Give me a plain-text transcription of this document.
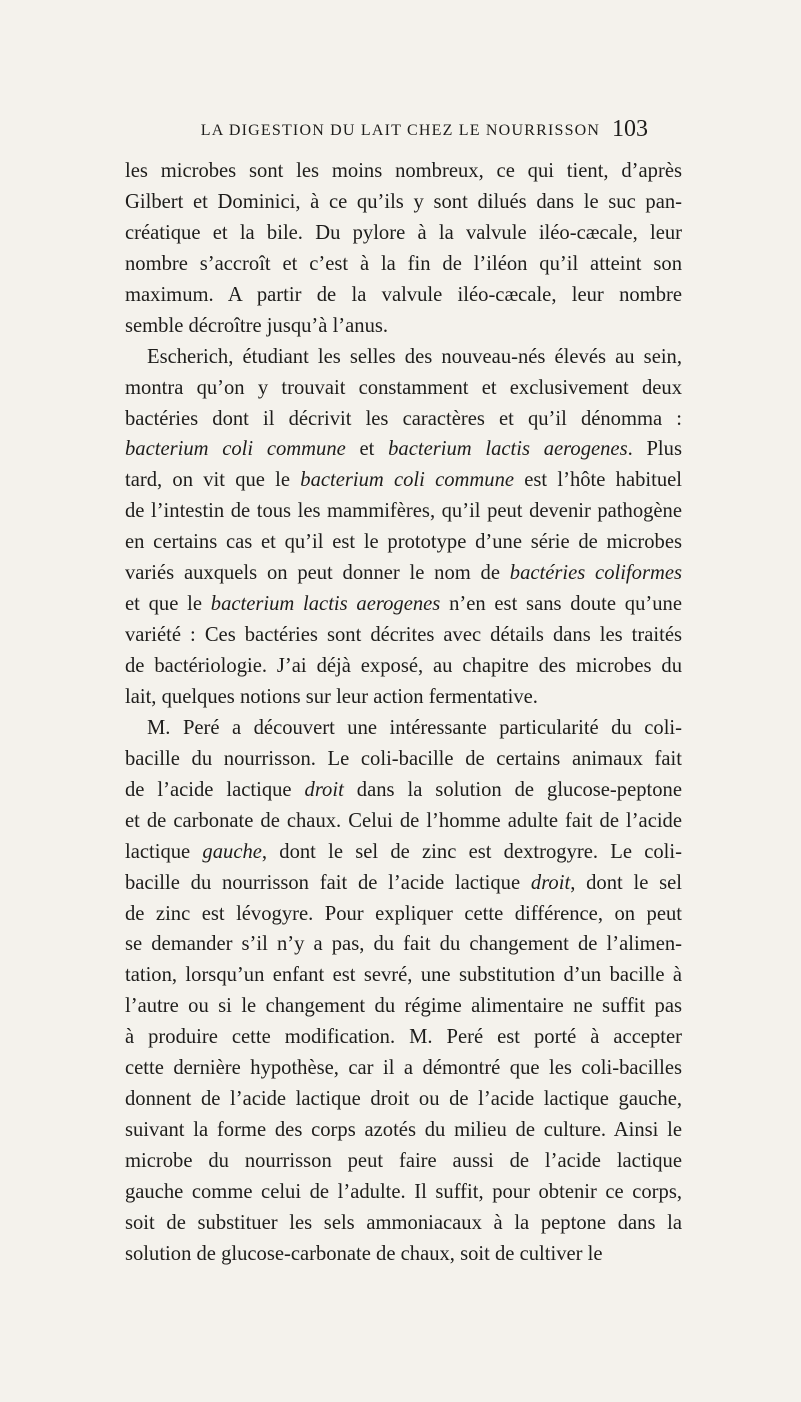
LA DIGESTION DU LAIT CHEZ LE NOURRISSON 103
les microbes sont les moins nombreux, ce qui tient, d’après
Gilbert et Dominici, à ce qu’ils y sont dilués dans le suc pan-
créatique et la bile. Du pylore à la valvule iléo-cæcale, leur
nombre s’accroît et c’est à la fin de l’iléon qu’il atteint son
maximum. A partir de la valvule iléo-cæcale, leur nombre
semble décroître jusqu’à l’anus.
Escherich, étudiant les selles des nouveau-nés élevés au sein,
montra qu’on y trouvait constamment et exclusivement deux
bactéries dont il décrivit les caractères et qu’il dénomma :
bacterium coli commune et bacterium lactis aerogenes. Plus
tard, on vit que le bacterium coli commune est l’hôte habituel
de l’intestin de tous les mammifères, qu’il peut devenir pathogène
en certains cas et qu’il est le prototype d’une série de microbes
variés auxquels on peut donner le nom de bactéries coliformes
et que le bacterium lactis aerogenes n’en est sans doute qu’une
variété : Ces bactéries sont décrites avec détails dans les traités
de bactériologie. J’ai déjà exposé, au chapitre des microbes du
lait, quelques notions sur leur action fermentative.
M. Peré a découvert une intéressante particularité du coli-
bacille du nourrisson. Le coli-bacille de certains animaux fait
de l’acide lactique droit dans la solution de glucose-peptone
et de carbonate de chaux. Celui de l’homme adulte fait de l’acide
lactique gauche, dont le sel de zinc est dextrogyre. Le coli-
bacille du nourrisson fait de l’acide lactique droit, dont le sel
de zinc est lévogyre. Pour expliquer cette différence, on peut
se demander s’il n’y a pas, du fait du changement de l’alimen-
tation, lorsqu’un enfant est sevré, une substitution d’un bacille à
l’autre ou si le changement du régime alimentaire ne suffit pas
à produire cette modification. M. Peré est porté à accepter
cette dernière hypothèse, car il a démontré que les coli-bacilles
donnent de l’acide lactique droit ou de l’acide lactique gauche,
suivant la forme des corps azotés du milieu de culture. Ainsi le
microbe du nourrisson peut faire aussi de l’acide lactique
gauche comme celui de l’adulte. Il suffit, pour obtenir ce corps,
soit de substituer les sels ammoniacaux à la peptone dans la
solution de glucose-carbonate de chaux, soit de cultiver le
